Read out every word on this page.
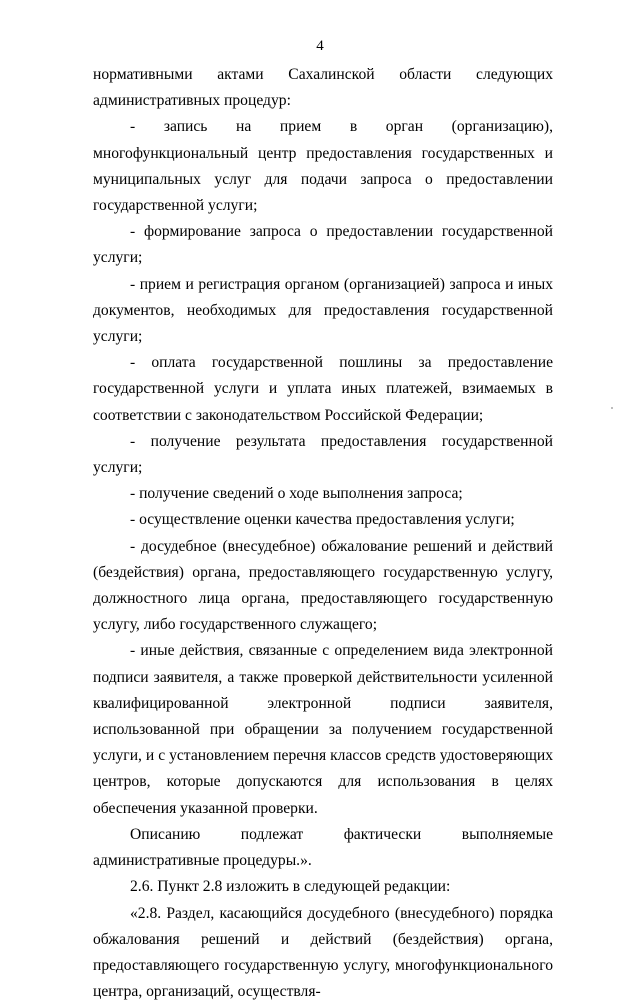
4

нормативными актами Сахалинской области следующих административных процедур:

- запись на прием в орган (организацию), многофункциональный центр предоставления государственных и муниципальных услуг для подачи запроса о предоставлении государственной услуги;

- формирование запроса о предоставлении государственной услуги;

- прием и регистрация органом (организацией) запроса и иных документов, необходимых для предоставления государственной услуги;

- оплата государственной пошлины за предоставление государственной услуги и уплата иных платежей, взимаемых в соответствии с законодательством Российской Федерации;

- получение результата предоставления государственной услуги;

- получение сведений о ходе выполнения запроса;

- осуществление оценки качества предоставления услуги;

- досудебное (внесудебное) обжалование решений и действий (бездействия) органа, предоставляющего государственную услугу, должностного лица органа, предоставляющего государственную услугу, либо государственного служащего;

- иные действия, связанные с определением вида электронной подписи заявителя, а также проверкой действительности усиленной квалифицированной электронной подписи заявителя, использованной при обращении за получением государственной услуги, и с установлением перечня классов средств удостоверяющих центров, которые допускаются для использования в целях обеспечения указанной проверки.

Описанию подлежат фактически выполняемые административные процедуры.».

2.6. Пункт 2.8 изложить в следующей редакции:

«2.8. Раздел, касающийся досудебного (внесудебного) порядка обжалования решений и действий (бездействия) органа, предоставляющего государственную услугу, многофункционального центра, организаций, осуществля-
